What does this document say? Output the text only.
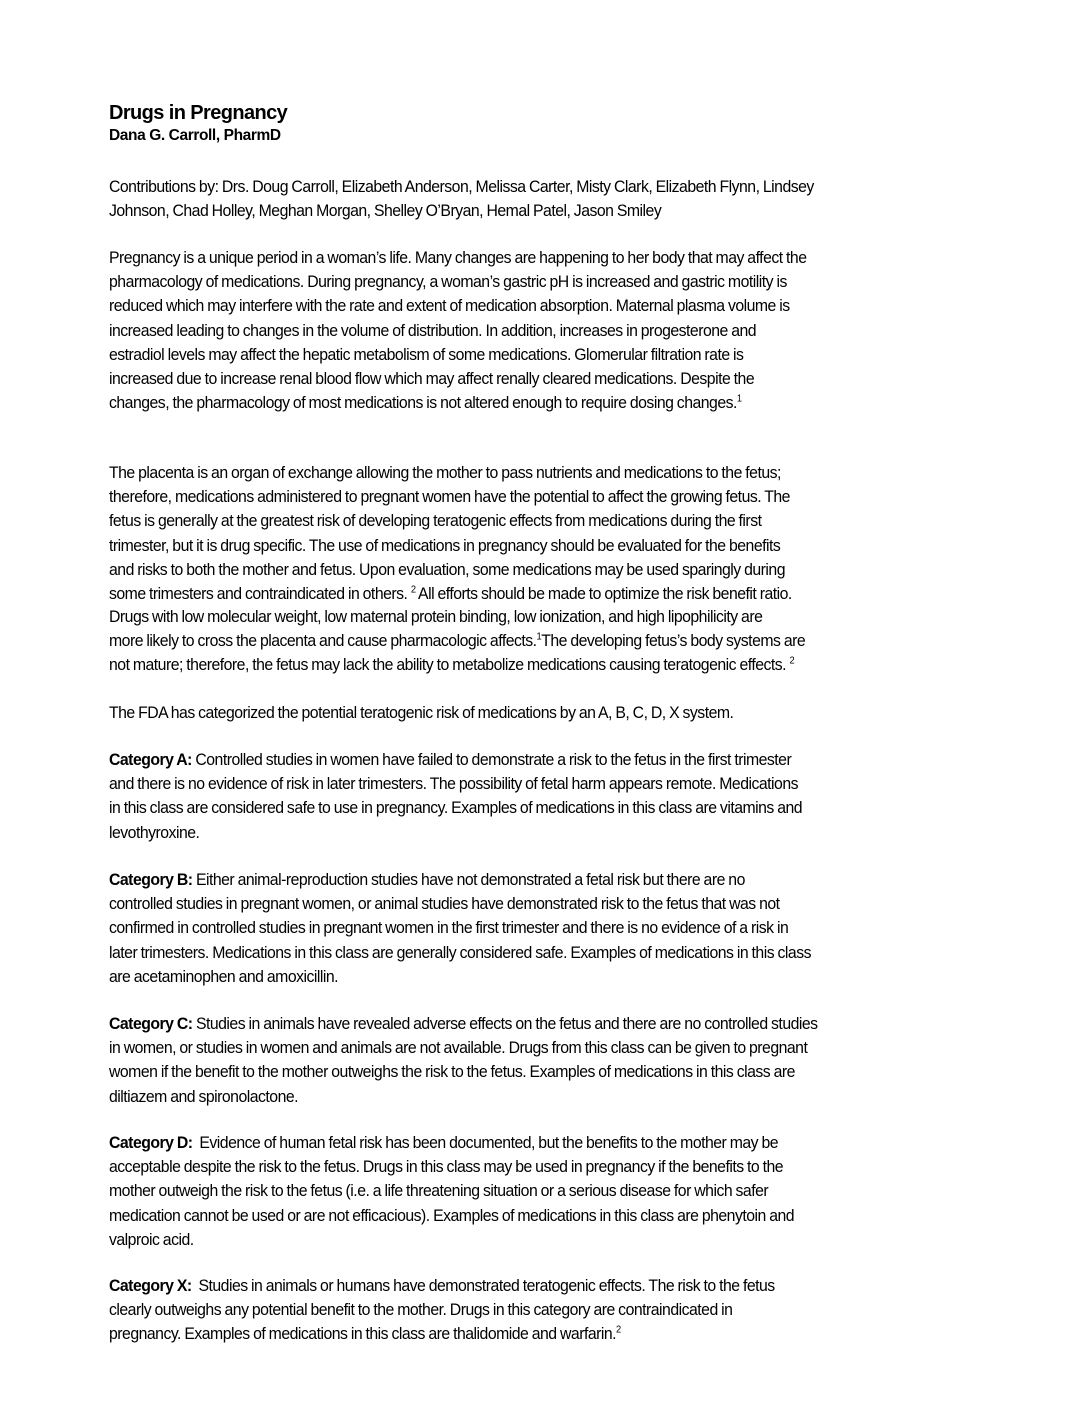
Drugs in Pregnancy
Dana G. Carroll, PharmD
Contributions by: Drs. Doug Carroll, Elizabeth Anderson, Melissa Carter, Misty Clark, Elizabeth Flynn, Lindsey
Johnson, Chad Holley, Meghan Morgan, Shelley O’Bryan, Hemal Patel, Jason Smiley
Pregnancy is a unique period in a woman’s life. Many changes are happening to her body that may affect the
pharmacology of medications. During pregnancy, a woman’s gastric pH is increased and gastric motility is
reduced which may interfere with the rate and extent of medication absorption. Maternal plasma volume is
increased leading to changes in the volume of distribution. In addition, increases in progesterone and
estradiol levels may affect the hepatic metabolism of some medications. Glomerular filtration rate is
increased due to increase renal blood flow which may affect renally cleared medications. Despite the
changes, the pharmacology of most medications is not altered enough to require dosing changes.$^1$
The placenta is an organ of exchange allowing the mother to pass nutrients and medications to the fetus;
therefore, medications administered to pregnant women have the potential to affect the growing fetus. The
fetus is generally at the greatest risk of developing teratogenic effects from medications during the first
trimester, but it is drug specific. The use of medications in pregnancy should be evaluated for the benefits
and risks to both the mother and fetus. Upon evaluation, some medications may be used sparingly during
some trimesters and contraindicated in others. $^2$ All efforts should be made to optimize the risk benefit ratio.
Drugs with low molecular weight, low maternal protein binding, low ionization, and high lipophilicity are
more likely to cross the placenta and cause pharmacologic affects.$^1$The developing fetus’s body systems are
not mature; therefore, the fetus may lack the ability to metabolize medications causing teratogenic effects. $^2$
The FDA has categorized the potential teratogenic risk of medications by an A, B, C, D, X system.
Category A: Controlled studies in women have failed to demonstrate a risk to the fetus in the first trimester
and there is no evidence of risk in later trimesters. The possibility of fetal harm appears remote. Medications
in this class are considered safe to use in pregnancy. Examples of medications in this class are vitamins and
levothyroxine.
Category B: Either animal-reproduction studies have not demonstrated a fetal risk but there are no
controlled studies in pregnant women, or animal studies have demonstrated risk to the fetus that was not
confirmed in controlled studies in pregnant women in the first trimester and there is no evidence of a risk in
later trimesters. Medications in this class are generally considered safe. Examples of medications in this class
are acetaminophen and amoxicillin.
Category C: Studies in animals have revealed adverse effects on the fetus and there are no controlled studies
in women, or studies in women and animals are not available. Drugs from this class can be given to pregnant
women if the benefit to the mother outweighs the risk to the fetus. Examples of medications in this class are
diltiazem and spironolactone.
Category D:  Evidence of human fetal risk has been documented, but the benefits to the mother may be
acceptable despite the risk to the fetus. Drugs in this class may be used in pregnancy if the benefits to the
mother outweigh the risk to the fetus (i.e. a life threatening situation or a serious disease for which safer
medication cannot be used or are not efficacious). Examples of medications in this class are phenytoin and
valproic acid.
Category X:  Studies in animals or humans have demonstrated teratogenic effects. The risk to the fetus
clearly outweighs any potential benefit to the mother. Drugs in this category are contraindicated in
pregnancy. Examples of medications in this class are thalidomide and warfarin.$^2$
